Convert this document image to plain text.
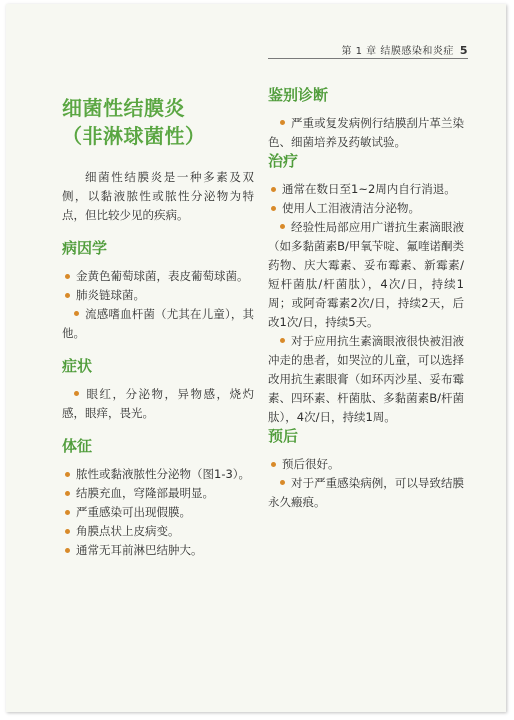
第 1 章 结膜感染和炎症 5
细菌性结膜炎
（非淋球菌性）
细菌性结膜炎是一种多素及双侧，以黏液脓性或脓性分泌物为特点，但比较少见的疾病。
病因学
金黄色葡萄球菌，表皮葡萄球菌。
肺炎链球菌。
流感嗜血杆菌（尤其在儿童），其他。
症状
眼红，分泌物，异物感，烧灼感，眼痒，畏光。
体征
脓性或黏液脓性分泌物（图1-3）。
结膜充血，穹隆部最明显。
严重感染可出现假膜。
角膜点状上皮病变。
通常无耳前淋巴结肿大。
鉴别诊断
严重或复发病例行结膜刮片革兰染色、细菌培养及药敏试验。
治疗
通常在数日至1~2周内自行消退。
使用人工泪液清洁分泌物。
经验性局部应用广谱抗生素滴眼液（如多黏菌素B/甲氧苄啶、氟喹诺酮类药物、庆大霉素、妥布霉素、新霉素/短杆菌肽/杆菌肽），4次/日，持续1周；或阿奇霉素2次/日，持续2天，后改1次/日，持续5天。
对于应用抗生素滴眼液很快被泪液冲走的患者，如哭泣的儿童，可以选择改用抗生素眼膏（如环丙沙星、妥布霉素、四环素、杆菌肽、多黏菌素B/杆菌肽），4次/日，持续1周。
预后
预后很好。
对于严重感染病例，可以导致结膜永久瘢痕。
